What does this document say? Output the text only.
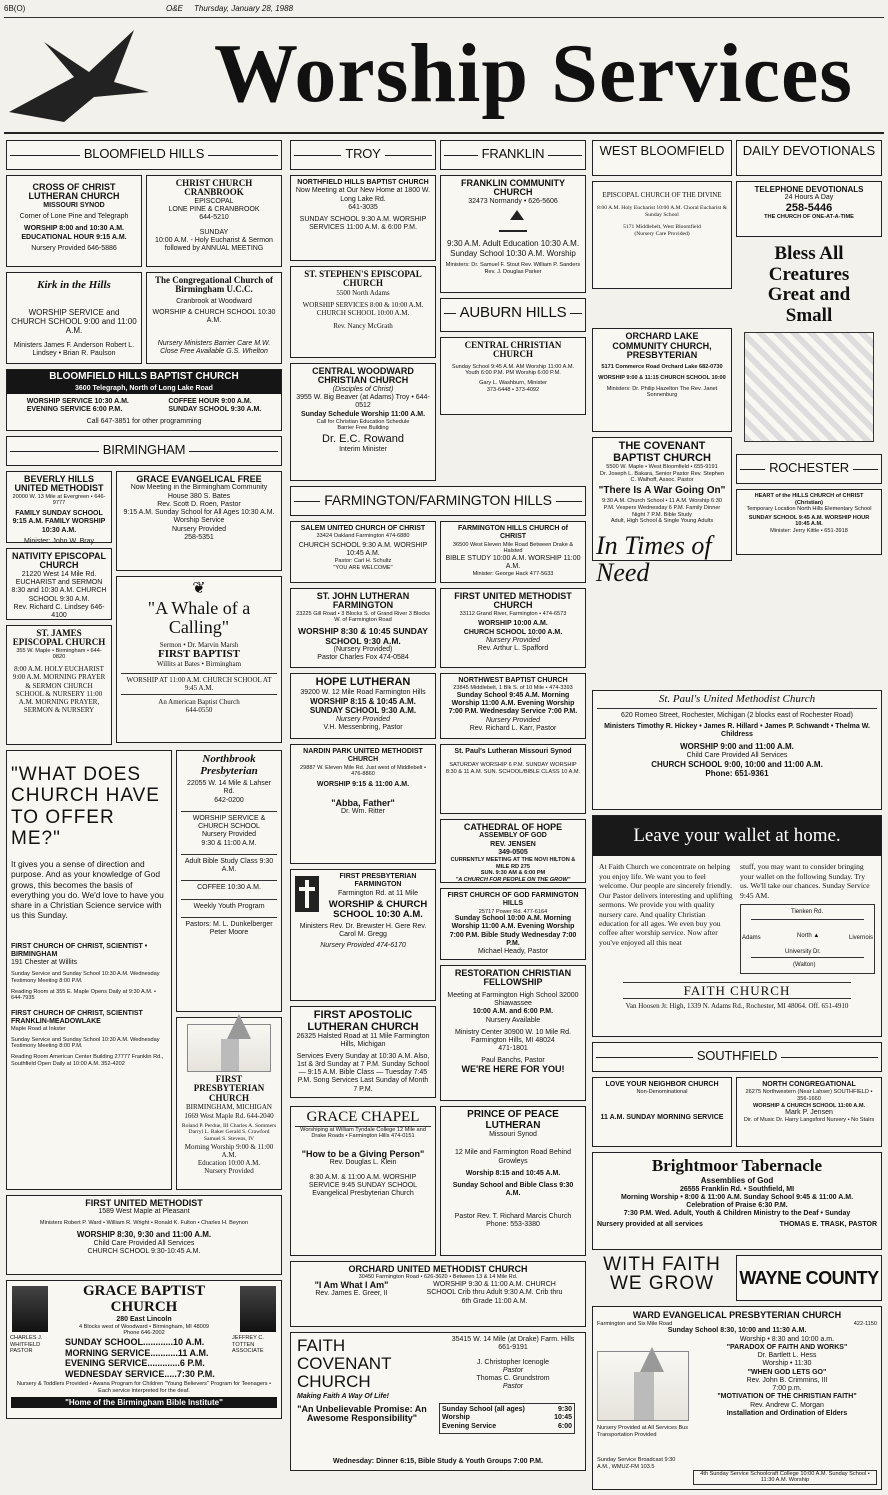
6B(O)	O&E Thursday, January 28, 1988
Worship Services
BLOOMFIELD HILLS
CROSS OF CHRIST LUTHERAN CHURCH
MISSOURI SYNOD
Corner of Lone Pine and Telegraph
WORSHIP 8:00 and 10:30 A.M. EDUCATIONAL HOUR 9:15 A.M.
Nursery Provided 646-5886
CHRIST CHURCH CRANBROOK
EPISCOPAL
LONE PINE & CRANBROOK
644-5210
SUNDAY
10:00 A.M. - Holy Eucharist & Sermon followed by ANNUAL MEETING
Kirk in the Hills
WORSHIP SERVICE and CHURCH SCHOOL 9:00 and 11:00 A.M.
Ministers James F. Anderson Robert L. Lindsey • Brian R. Paulson
The Congregational Church of Birmingham U.C.C.
Cranbrook at Woodward
WORSHIP & CHURCH SCHOOL 10:30 A.M.
Nursery Ministers Barrier Care M.W. Close Free Available G.S. Whelton
BLOOMFIELD HILLS BAPTIST CHURCH
3600 Telegraph, North of Long Lake Road
WORSHIP SERVICE 10:30 A.M.
EVENING SERVICE 6:00 P.M.
COFFEE HOUR 9:00 A.M.
SUNDAY SCHOOL 9:30 A.M.
Call 647-3851 for other programming
BIRMINGHAM
BEVERLY HILLS UNITED METHODIST
20000 W. 13 Mile at Evergreen • 646-9777
FAMILY SUNDAY SCHOOL 9:15 A.M. FAMILY WORSHIP 10:30 A.M.
Minister: John W. Bray
NATIVITY EPISCOPAL CHURCH
21220 West 14 Mile Rd.
EUCHARIST and SERMON 8:30 and 10:30 A.M. CHURCH SCHOOL 9:30 A.M.
Rev. Richard C. Lindsey 646-4100
ST. JAMES EPISCOPAL CHURCH
355 W. Maple • Birmingham • 644-0820
8:00 A.M. HOLY EUCHARIST 9:00 A.M. MORNING PRAYER & SERMON CHURCH SCHOOL & NURSERY 11:00 A.M. MORNING PRAYER, SERMON & NURSERY
GRACE EVANGELICAL FREE
Now Meeting in the Birmingham Community House 380 S. Bates
Rev. Scott D. Roen, Pastor
9:15 A.M. Sunday School for All Ages 10:30 A.M. Worship Service
Nursery Provided
258-5351
❦
"A Whale of a Calling"
Sermon • Dr. Marvin Marsh
FIRST BAPTIST
Willits at Bates • Birmingham
WORSHIP AT 11:00 A.M. CHURCH SCHOOL AT 9:45 A.M.
An American Baptist Church
644-0550
"WHAT DOES CHURCH HAVE TO OFFER ME?"
It gives you a sense of direction and purpose. And as your knowledge of God grows, this becomes the basis of everything you do. We'd love to have you share in a Christian Science service with us this Sunday.
FIRST CHURCH OF CHRIST, SCIENTIST • BIRMINGHAM
191 Chester at Willits
Sunday Service and Sunday School 10:30 A.M. Wednesday Testimony Meeting 8:00 P.M.
Reading Room at 355 E. Maple Opens Daily at 9:30 A.M. • 644-7935
FIRST CHURCH OF CHRIST, SCIENTIST FRANKLIN-MEADOWLAKE
Maple Road at Inkster
Sunday Service and Sunday School 10:30 A.M. Wednesday Testimony Meeting 8:00 P.M.
Reading Room American Center Building 27777 Franklin Rd., Southfield Open Daily at 10:00 A.M. 352-4202
Northbrook Presbyterian
22055 W. 14 Mile & Lahser Rd.
642-0200
WORSHIP SERVICE & CHURCH SCHOOL
Nursery Provided
9:30 & 11:00 A.M.
Adult Bible Study Class 9:30 A.M.
COFFEE 10:30 A.M.
Weekly Youth Program
Pastors: M. L. Dunkelberger Peter Moore
FIRST PRESBYTERIAN CHURCH
BIRMINGHAM, MICHIGAN
1669 West Maple Rd. 644-2040
Roland P. Perdue, III Charles A. Sommers Darryl L. Baker Gerald S. Crawford Samuel S. Stevens, IV
Morning Worship 9:00 & 11:00 A.M.
Education 10:00 A.M.
Nursery Provided
FIRST UNITED METHODIST
1589 West Maple at Pleasant
Ministers Robert P. Ward • William R. Wright • Ronald K. Fulton • Charles H. Beynon
WORSHIP 8:30, 9:30 and 11:00 A.M.
Child Care Provided All Services
CHURCH SCHOOL 9:30-10:45 A.M.
GRACE BAPTIST CHURCH
280 East Lincoln
4 Blocks west of Woodward • Birmingham, MI 48009
Phone 646-2002
CHARLES J. WHITFIELD PASTOR
JEFFREY C. TOTTEN ASSOCIATE
SUNDAY SCHOOL............10 A.M.
MORNING SERVICE...........11 A.M.
EVENING SERVICE.............6 P.M.
WEDNESDAY SERVICE.....7:30 P.M.
Nursery & Toddlers Provided • Awana Program for Children "Young Believers" Program for Teenagers • Each service interpreted for the deaf.
"Home of the Birmingham Bible Institute"
TROY
NORTHFIELD HILLS BAPTIST CHURCH
Now Meeting at Our New Home at 1800 W. Long Lake Rd.
641-3035
SUNDAY SCHOOL 9:30 A.M. WORSHIP SERVICES 11:00 A.M. & 6:00 P.M.
ST. STEPHEN'S EPISCOPAL CHURCH
5500 North Adams
WORSHIP SERVICES 8:00 & 10:00 A.M. CHURCH SCHOOL 10:00 A.M.
Rev. Nancy McGrath
CENTRAL WOODWARD CHRISTIAN CHURCH
(Disciples of Christ)
3955 W. Big Beaver (at Adams) Troy • 644-0512
Sunday Schedule Worship 11:00 A.M.
Call for Christian Education Schedule
Barrier Free Building
Dr. E.C. Rowand
Interim Minister
FRANKLIN
FRANKLIN COMMUNITY CHURCH
32473 Normandy • 626-5606
9:30 A.M. Adult Education 10:30 A.M. Sunday School 10:30 A.M. Worship
Ministers: Dr. Samuel F. Stout Rev. William P. Sanders Rev. J. Douglas Parker
AUBURN HILLS
CENTRAL CHRISTIAN CHURCH
Sunday School 9:45 A.M. AM Worship 11:00 A.M. Youth 6:00 P.M. PM Worship 6:00 P.M.
Gary L. Washburn, Minister
373-6448 • 373-4092
FARMINGTON/FARMINGTON HILLS
SALEM UNITED CHURCH OF CHRIST
33424 Oakland Farmington 474-6880
CHURCH SCHOOL 9:30 A.M. WORSHIP 10:45 A.M.
Pastor: Carl H. Schultz
"YOU ARE WELCOME"
ST. JOHN LUTHERAN FARMINGTON
23225 Gill Road • 3 Blocks S. of Grand River 3 Blocks W. of Farmington Road
WORSHIP 8:30 & 10:45 SUNDAY SCHOOL 9:30 A.M.
(Nursery Provided)
Pastor Charles Fox 474-0584
HOPE LUTHERAN
39200 W. 12 Mile Road Farmington Hills
WORSHIP 8:15 & 10:45 A.M. SUNDAY SCHOOL 9:30 A.M.
Nursery Provided
V.H. Messenbring, Pastor
NARDIN PARK UNITED METHODIST CHURCH
29887 W. Eleven Mile Rd. Just west of Middlebelt • 476-8860
WORSHIP 9:15 & 11:00 A.M.
"Abba, Father"
Dr. Wm. Ritter
FIRST PRESBYTERIAN FARMINGTON
Farmington Rd. at 11 Mile
WORSHIP & CHURCH SCHOOL 10:30 A.M.
Ministers Rev. Dr. Brewster H. Gere Rev. Carol M. Gregg
Nursery Provided 474-6170
FIRST APOSTOLIC LUTHERAN CHURCH
26325 Halsted Road at 11 Mile Farmington Hills, Michigan
Services Every Sunday at 10:30 A.M. Also, 1st & 3rd Sunday at 7 P.M. Sunday School — 9:15 A.M. Bible Class — Tuesday 7:45 P.M. Song Services Last Sunday of Month 7 P.M.
FARMINGTON HILLS CHURCH of CHRIST
36500 West Eleven Mile Road Between Drake & Halsted
BIBLE STUDY 10:00 A.M. WORSHIP 11:00 A.M.
Minister: George Hack 477-5633
FIRST UNITED METHODIST CHURCH
33112 Grand River, Farmington • 474-6573
WORSHIP 10:00 A.M.
CHURCH SCHOOL 10:00 A.M.
Nursery Provided
Rev. Arthur L. Spafford
NORTHWEST BAPTIST CHURCH
23845 Middlebelt, 1 Blk S. of 10 Mile • 474-3393
Sunday School 9:45 A.M. Morning Worship 11:00 A.M. Evening Worship 7:00 P.M. Wednesday Service 7:00 P.M.
Nursery Provided
Rev. Richard L. Karr, Pastor
St. Paul's Lutheran Missouri Synod
SATURDAY WORSHIP 6 P.M. SUNDAY WORSHIP 8:30 & 11 A.M. SUN. SCHOOL/BIBLE CLASS 10 A.M.
CATHEDRAL OF HOPE
ASSEMBLY OF GOD
REV. JENSEN
349-0505
CURRENTLY MEETING AT THE NOVI HILTON & MILE RD 275
SUN. 9:30 AM & 6:00 PM
"A CHURCH FOR PEOPLE ON THE GROW"
FIRST CHURCH OF GOD FARMINGTON HILLS
25717 Power Rd. 477-6164
Sunday School 10:00 A.M. Morning Worship 11:00 A.M. Evening Worship 7:00 P.M. Bible Study Wednesday 7:00 P.M.
Michael Heady, Pastor
RESTORATION CHRISTIAN FELLOWSHIP
Meeting at Farmington High School 32000 Shiawassee
10:00 A.M. and 6:00 P.M.
Nursery Available
Ministry Center 30900 W. 10 Mile Rd. Farmington Hills, MI 48024
471-1801
Paul Banchs, Pastor
WE'RE HERE FOR YOU!
GRACE CHAPEL
Worshiping at William Tyndale College 12 Mile and Drake Roads • Farmington Hills 474-0151
"How to be a Giving Person"
Rev. Douglas L. Klein
8:30 A.M. & 11:00 A.M. WORSHIP SERVICE 9:45 SUNDAY SCHOOL
Evangelical Presbyterian Church
PRINCE OF PEACE LUTHERAN
Missouri Synod
12 Mile and Farmington Road Behind Growleys
Worship 8:15 and 10:45 A.M.
Sunday School and Bible Class 9:30 A.M.
Pastor Rev. T. Richard Marcis Church Phone: 553-3380
ORCHARD UNITED METHODIST CHURCH
30450 Farmington Road • 626-3620 • Between 13 & 14 Mile Rd.
"I Am What I Am"
Rev. James E. Greer, II
WORSHIP 9:30 & 11:00 A.M. CHURCH SCHOOL Crib thru Adult 9:30 A.M. Crib thru 6th Grade 11:00 A.M.
FAITH COVENANT CHURCH
35415 W. 14 Mile (at Drake) Farm. Hills
661-9191
J. Christopher Icenogle
Pastor
Thomas C. Grundstrom
Pastor
Making Faith A Way Of Life!
"An Unbelievable Promise: An Awesome Responsibility"
Sunday School (all ages)	9:30
Worship	10:45
Evening Service	6:00
Wednesday: Dinner 6:15, Bible Study & Youth Groups 7:00 P.M.
WEST BLOOMFIELD
EPISCOPAL CHURCH OF THE DIVINE
8:00 A.M. Holy Eucharist 10:00 A.M. Choral Eucharist & Sunday School
5171 Middlebelt, West Bloomfield
(Nursery Care Provided)
DAILY DEVOTIONALS
TELEPHONE DEVOTIONALS
24 Hours A Day
258-5446
THE CHURCH OF ONE-AT-A-TIME
Bless All Creatures Great and Small
ORCHARD LAKE COMMUNITY CHURCH, PRESBYTERIAN
5171 Commerce Road Orchard Lake 682-0730
WORSHIP 9:00 & 11:15 CHURCH SCHOOL 10:00
Ministers: Dr. Philip Hazelton The Rev. Janet Sonnenburg
THE COVENANT BAPTIST CHURCH
5500 W. Maple • West Bloomfield • 655-9191
Dr. Joseph L. Bakara, Senior Pastor Rev. Stephen C. Walhoff, Assoc. Pastor
"There Is A War Going On"
9:30 A.M. Church School • 11 A.M. Worship 6:30 P.M. Vespers Wednesday 6 P.M. Family Dinner Night 7 P.M. Bible Study
Adult, High School & Single Young Adults
ROCHESTER
HEART of the HILLS CHURCH of CHRIST (Christian)
Temporary Location North Hills Elementary School
SUNDAY SCHOOL 9:45 A.M. WORSHIP HOUR 10:45 A.M.
Minister: Jerry Kittle • 651-3918
In Times of Need
St. Paul's United Methodist Church
620 Romeo Street, Rochester, Michigan (2 blocks east of Rochester Road)
Ministers Timothy R. Hickey • James R. Hillard • James P. Schwandt • Thelma W. Childress
WORSHIP 9:00 and 11:00 A.M.
Child Care Provided All Services
CHURCH SCHOOL 9:00, 10:00 and 11:00 A.M.
Phone: 651-9361
Leave your wallet at home.
At Faith Church we concentrate on helping you enjoy life. We want you to feel welcome. Our people are sincerely friendly. Our Pastor delivers interesting and uplifting sermons. We provide you with quality nursery care. And quality Christian education for all ages. We even buy you coffee after worship service. Now after you've enjoyed all this neat
stuff, you may want to consider bringing your wallet on the following Sunday. Try us. We'll take our chances. Sunday Service 9:45 AM.
Tienken Rd.
North ▲
University Dr.
(Walton)
Adams	Livernois
FAITH CHURCH
Van Hoosen Jr. High, 1339 N. Adams Rd., Rochester, MI 48064. Off. 651-4910
SOUTHFIELD
LOVE YOUR NEIGHBOR CHURCH
Non-Denominational
11 A.M. SUNDAY MORNING SERVICE
NORTH CONGREGATIONAL
26275 Northwestern (Near Lahser) SOUTHFIELD • 356-1660
WORSHIP & CHURCH SCHOOL 11:00 A.M.
Mark P. Jensen
Dir. of Music Dr. Harry Langsford Nursery • No Stairs
Brightmoor Tabernacle
Assemblies of God
26555 Franklin Rd. • Southfield, MI
Morning Worship • 8:00 & 11:00 A.M. Sunday School 9:45 & 11:00 A.M.
Celebration of Praise 6:30 P.M.
7:30 P.M. Wed. Adult, Youth & Children Ministry to the Deaf • Sunday
Nursery provided at all services	THOMAS E. TRASK, PASTOR
WITH FAITH WE GROW	WAYNE COUNTY
WARD EVANGELICAL PRESBYTERIAN CHURCH
Farmington and Six Mile Road	422-1150
Sunday School 8:30, 10:00 and 11:30 A.M.
Worship • 8:30 and 10:00 a.m.
"PARADOX OF FAITH AND WORKS"
Dr. Bartlett L. Hess
Worship • 11:30
"WHEN GOD LETS GO"
Rev. John B. Crimmins, III
7:00 p.m.
"MOTIVATION OF THE CHRISTIAN FAITH"
Rev. Andrew C. Morgan
Installation and Ordination of Elders
Nursery Provided at All Services Bus Transportation Provided
Sunday Service Broadcast 9:30 A.M., WMUZ-FM 103.5
4th Sunday Service Schoolcraft College 10:00 A.M. Sunday School • 11:30 A.M. Worship
